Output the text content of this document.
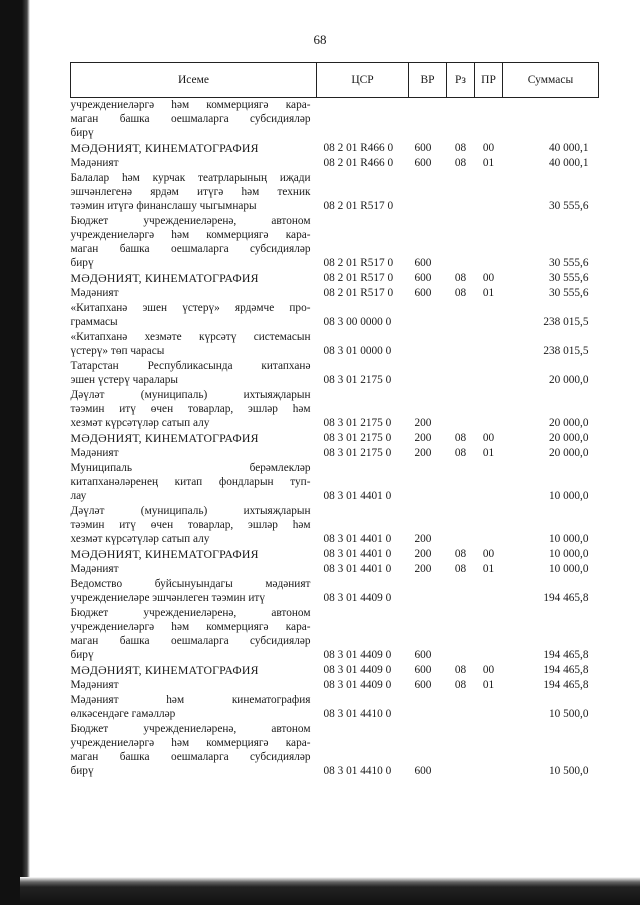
68
Исеме	ЦСР	ВР	Рз	ПР	Суммасы
учреждениеләргә һәм коммерциягә кара-					
маган башка оешмаларга субсидияләр					
бирү					
МӘДӘНИЯТ, КИНЕМАТОГРАФИЯ	08 2 01 R466 0	600	08	00	40 000,1
Мәдәният	08 2 01 R466 0	600	08	01	40 000,1
Балалар һәм курчак театрларының иҗади					
эшчәнлегенә ярдәм итүгә һәм техник					
тәэмин итүгә финанслашу чыгымнары	08 2 01 R517 0				30 555,6
Бюджет учреждениеләренә, автоном					
учреждениеләргә һәм коммерциягә кара-					
маган башка оешмаларга субсидияләр					
бирү	08 2 01 R517 0	600			30 555,6
МӘДӘНИЯТ, КИНЕМАТОГРАФИЯ	08 2 01 R517 0	600	08	00	30 555,6
Мәдәният	08 2 01 R517 0	600	08	01	30 555,6
«Китапханә эшен үстерү» ярдәмче про-					
граммасы	08 3 00 0000 0				238 015,5
«Китапханә хезмәте күрсәтү системасын					
үстерү» төп чарасы	08 3 01 0000 0				238 015,5
Татарстан Республикасында китапханә					
эшен үстерү чаралары	08 3 01 2175 0				20 000,0
Дәүләт (муниципаль) ихтыяҗларын					
тәэмин итү өчен товарлар, эшләр һәм					
хезмәт күрсәтүләр сатып алу	08 3 01 2175 0	200			20 000,0
МӘДӘНИЯТ, КИНЕМАТОГРАФИЯ	08 3 01 2175 0	200	08	00	20 000,0
Мәдәният	08 3 01 2175 0	200	08	01	20 000,0
Муниципаль берәмлекләр					
китапханәләренең китап фондларын туп-					
лау	08 3 01 4401 0				10 000,0
Дәүләт (муниципаль) ихтыяҗларын					
тәэмин итү өчен товарлар, эшләр һәм					
хезмәт күрсәтүләр сатып алу	08 3 01 4401 0	200			10 000,0
МӘДӘНИЯТ, КИНЕМАТОГРАФИЯ	08 3 01 4401 0	200	08	00	10 000,0
Мәдәният	08 3 01 4401 0	200	08	01	10 000,0
Ведомство буйсынуындагы мәдәният					
учреждениеләре эшчәнлеген тәэмин итү	08 3 01 4409 0				194 465,8
Бюджет учреждениеләренә, автоном					
учреждениеләргә һәм коммерциягә кара-					
маган башка оешмаларга субсидияләр					
бирү	08 3 01 4409 0	600			194 465,8
МӘДӘНИЯТ, КИНЕМАТОГРАФИЯ	08 3 01 4409 0	600	08	00	194 465,8
Мәдәният	08 3 01 4409 0	600	08	01	194 465,8
Мәдәният һәм кинематография					
өлкәсендәге гамәлләр	08 3 01 4410 0				10 500,0
Бюджет учреждениеләренә, автоном					
учреждениеләргә һәм коммерциягә кара-					
маган башка оешмаларга субсидияләр					
бирү	08 3 01 4410 0	600			10 500,0
